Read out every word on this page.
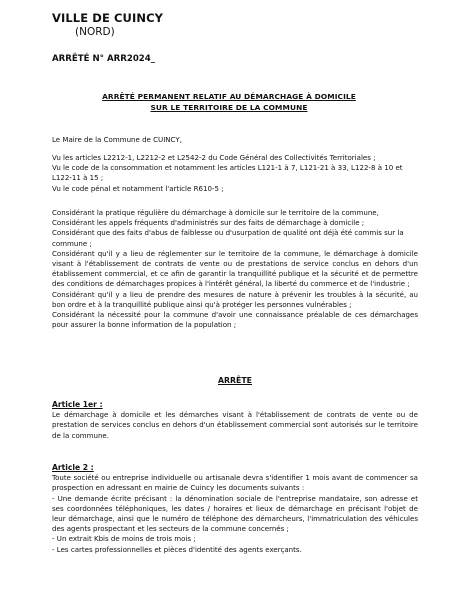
VILLE DE CUINCY
(NORD)
ARRÊTÉ N° ARR2024_
ARRÊTÉ PERMANENT RELATIF AU DÉMARCHAGE À DOMICILE
SUR LE TERRITOIRE DE LA COMMUNE

Le Maire de la Commune de CUINCY,

Vu les articles L2212-1, L2212-2 et L2542-2 du Code Général des Collectivités Territoriales ;

Vu le code de la consommation et notamment les articles L121-1 à 7, L121-21 à 33, L122-8 à 10 et L122-11 à 15 ;

Vu le code pénal et notamment l'article R610-5 ;

Considérant la pratique régulière du démarchage à domicile sur le territoire de la commune,

Considérant les appels fréquents d'administrés sur des faits de démarchage à domicile ;

Considérant que des faits d'abus de faiblesse ou d'usurpation de qualité ont déjà été commis sur la commune ;

Considérant qu'il y a lieu de réglementer sur le territoire de la commune, le démarchage à domicile visant à l'établissement de contrats de vente ou de prestations de service conclus en dehors d'un établissement commercial, et ce afin de garantir la tranquillité publique et la sécurité et de permettre des conditions de démarchages propices à l'intérêt général, la liberté du commerce et de l'industrie ;

Considérant qu'il y a lieu de prendre des mesures de nature à prévenir les troubles à la sécurité, au bon ordre et à la tranquillité publique ainsi qu'à protéger les personnes vulnérables ;

Considérant la nécessité pour la commune d'avoir une connaissance préalable de ces démarchages pour assurer la bonne information de la population ;

ARRÊTE

Article 1er :

Le démarchage à domicile et les démarches visant à l'établissement de contrats de vente ou de prestation de services conclus en dehors d'un établissement commercial sont autorisés sur le territoire de la commune.

Article 2 :

Toute société ou entreprise individuelle ou artisanale devra s'identifier 1 mois avant de commencer sa prospection en adressant en mairie de Cuincy les documents suivants :

- Une demande écrite précisant : la dénomination sociale de l'entreprise mandataire, son adresse et ses coordonnées téléphoniques, les dates / horaires et lieux de démarchage en précisant l'objet de leur démarchage, ainsi que le numéro de téléphone des démarcheurs, l'immatriculation des véhicules des agents prospectant et les secteurs de la commune concernés ;

- Un extrait Kbis de moins de trois mois ;

- Les cartes professionnelles et pièces d'identité des agents exerçants.
